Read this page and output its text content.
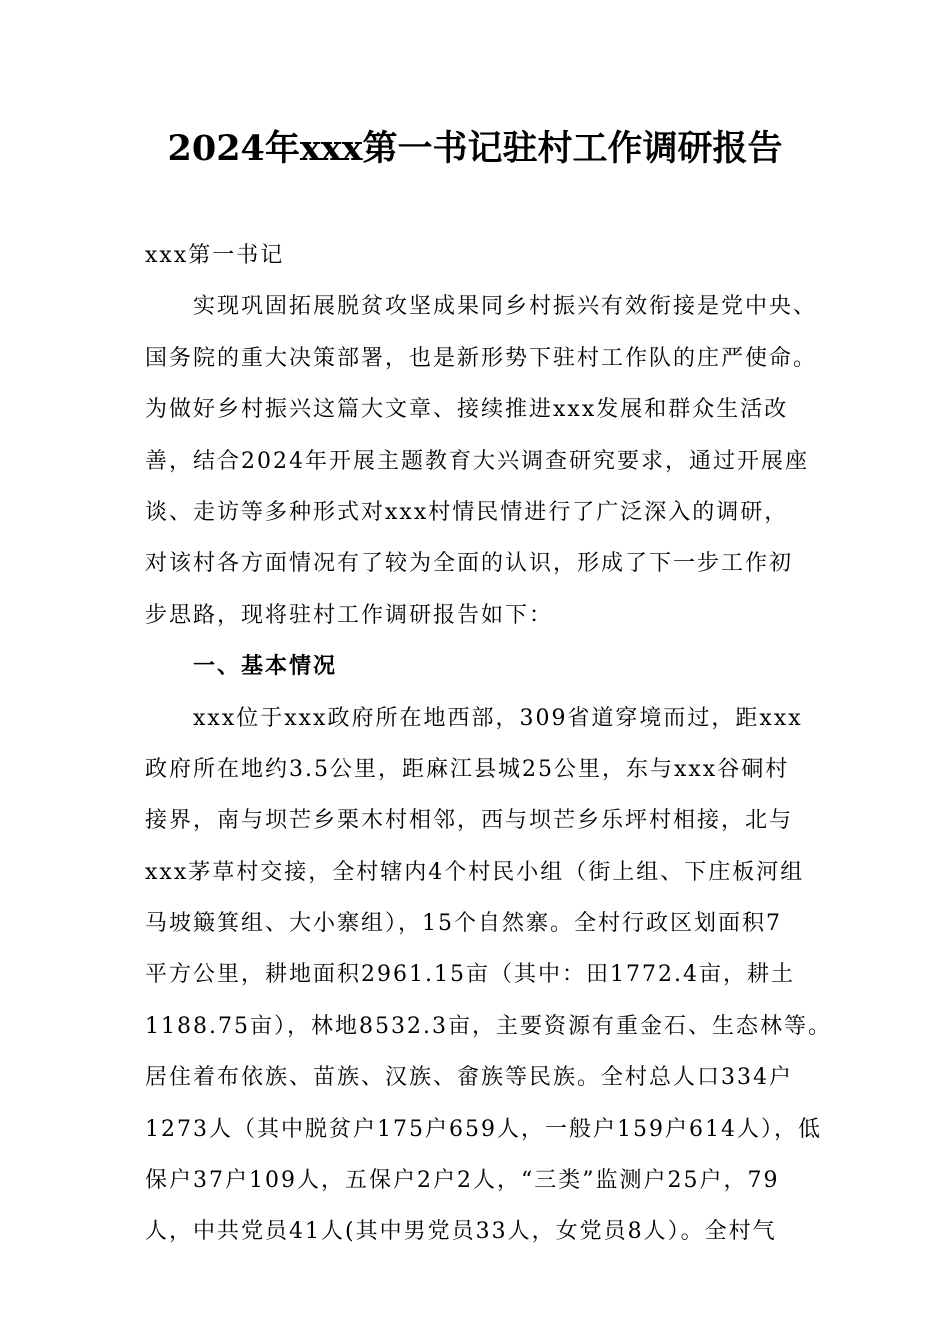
2024年xxx第一书记驻村工作调研报告
xxx第一书记
实现巩固拓展脱贫攻坚成果同乡村振兴有效衔接是党中央、
国务院的重大决策部署，也是新形势下驻村工作队的庄严使命。
为做好乡村振兴这篇大文章、接续推进xxx发展和群众生活改
善，结合2024年开展主题教育大兴调查研究要求，通过开展座
谈、走访等多种形式对xxx村情民情进行了广泛深入的调研，
对该村各方面情况有了较为全面的认识，形成了下一步工作初
步思路，现将驻村工作调研报告如下：
一、基本情况
xxx位于xxx政府所在地西部，309省道穿境而过，距xxx
政府所在地约3.5公里，距麻江县城25公里，东与xxx谷硐村
接界，南与坝芒乡栗木村相邻，西与坝芒乡乐坪村相接，北与
xxx茅草村交接，全村辖内4个村民小组（街上组、下庄板河组
马坡簸箕组、大小寨组），15个自然寨。全村行政区划面积7
平方公里，耕地面积2961.15亩（其中：田1772.4亩，耕土
1188.75亩），林地8532.3亩，主要资源有重金石、生态林等。
居住着布依族、苗族、汉族、畲族等民族。全村总人口334户
1273人（其中脱贫户175户659人，一般户159户614人），低
保户37户109人，五保户2户2人，“三类”监测户25户，79
人，中共党员41人(其中男党员33人，女党员8人）。全村气
